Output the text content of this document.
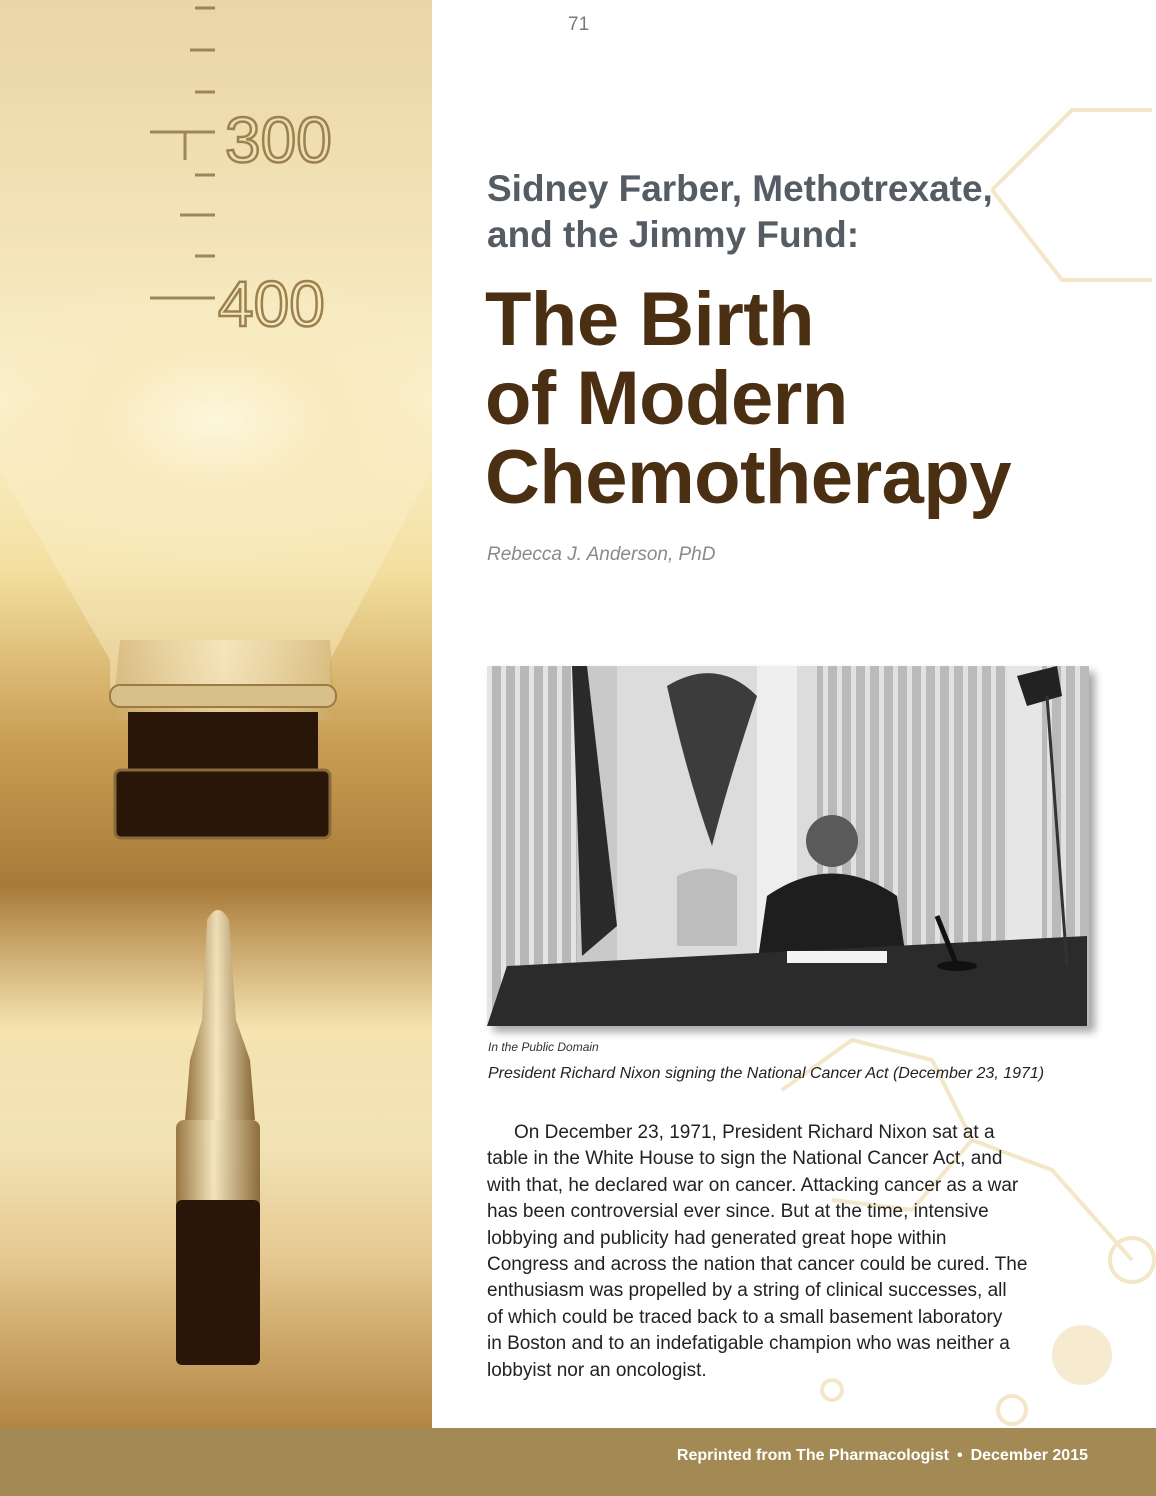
300
400
71
Sidney Farber, Methotrexate,
and the Jimmy Fund:
The Birth
of Modern
Chemotherapy
Rebecca J. Anderson, PhD
In the Public Domain
President Richard Nixon signing the National Cancer Act (December 23, 1971)
On December 23, 1971, President Richard Nixon sat at a
table in the White House to sign the National Cancer Act, and
with that, he declared war on cancer. Attacking cancer as a war
has been controversial ever since. But at the time, intensive
lobbying and publicity had generated great hope within
Congress and across the nation that cancer could be cured. The
enthusiasm was propelled by a string of clinical successes, all
of which could be traced back to a small basement laboratory
in Boston and to an indefatigable champion who was neither a
lobbyist nor an oncologist.
Reprinted from The Pharmacologist • December 2015
